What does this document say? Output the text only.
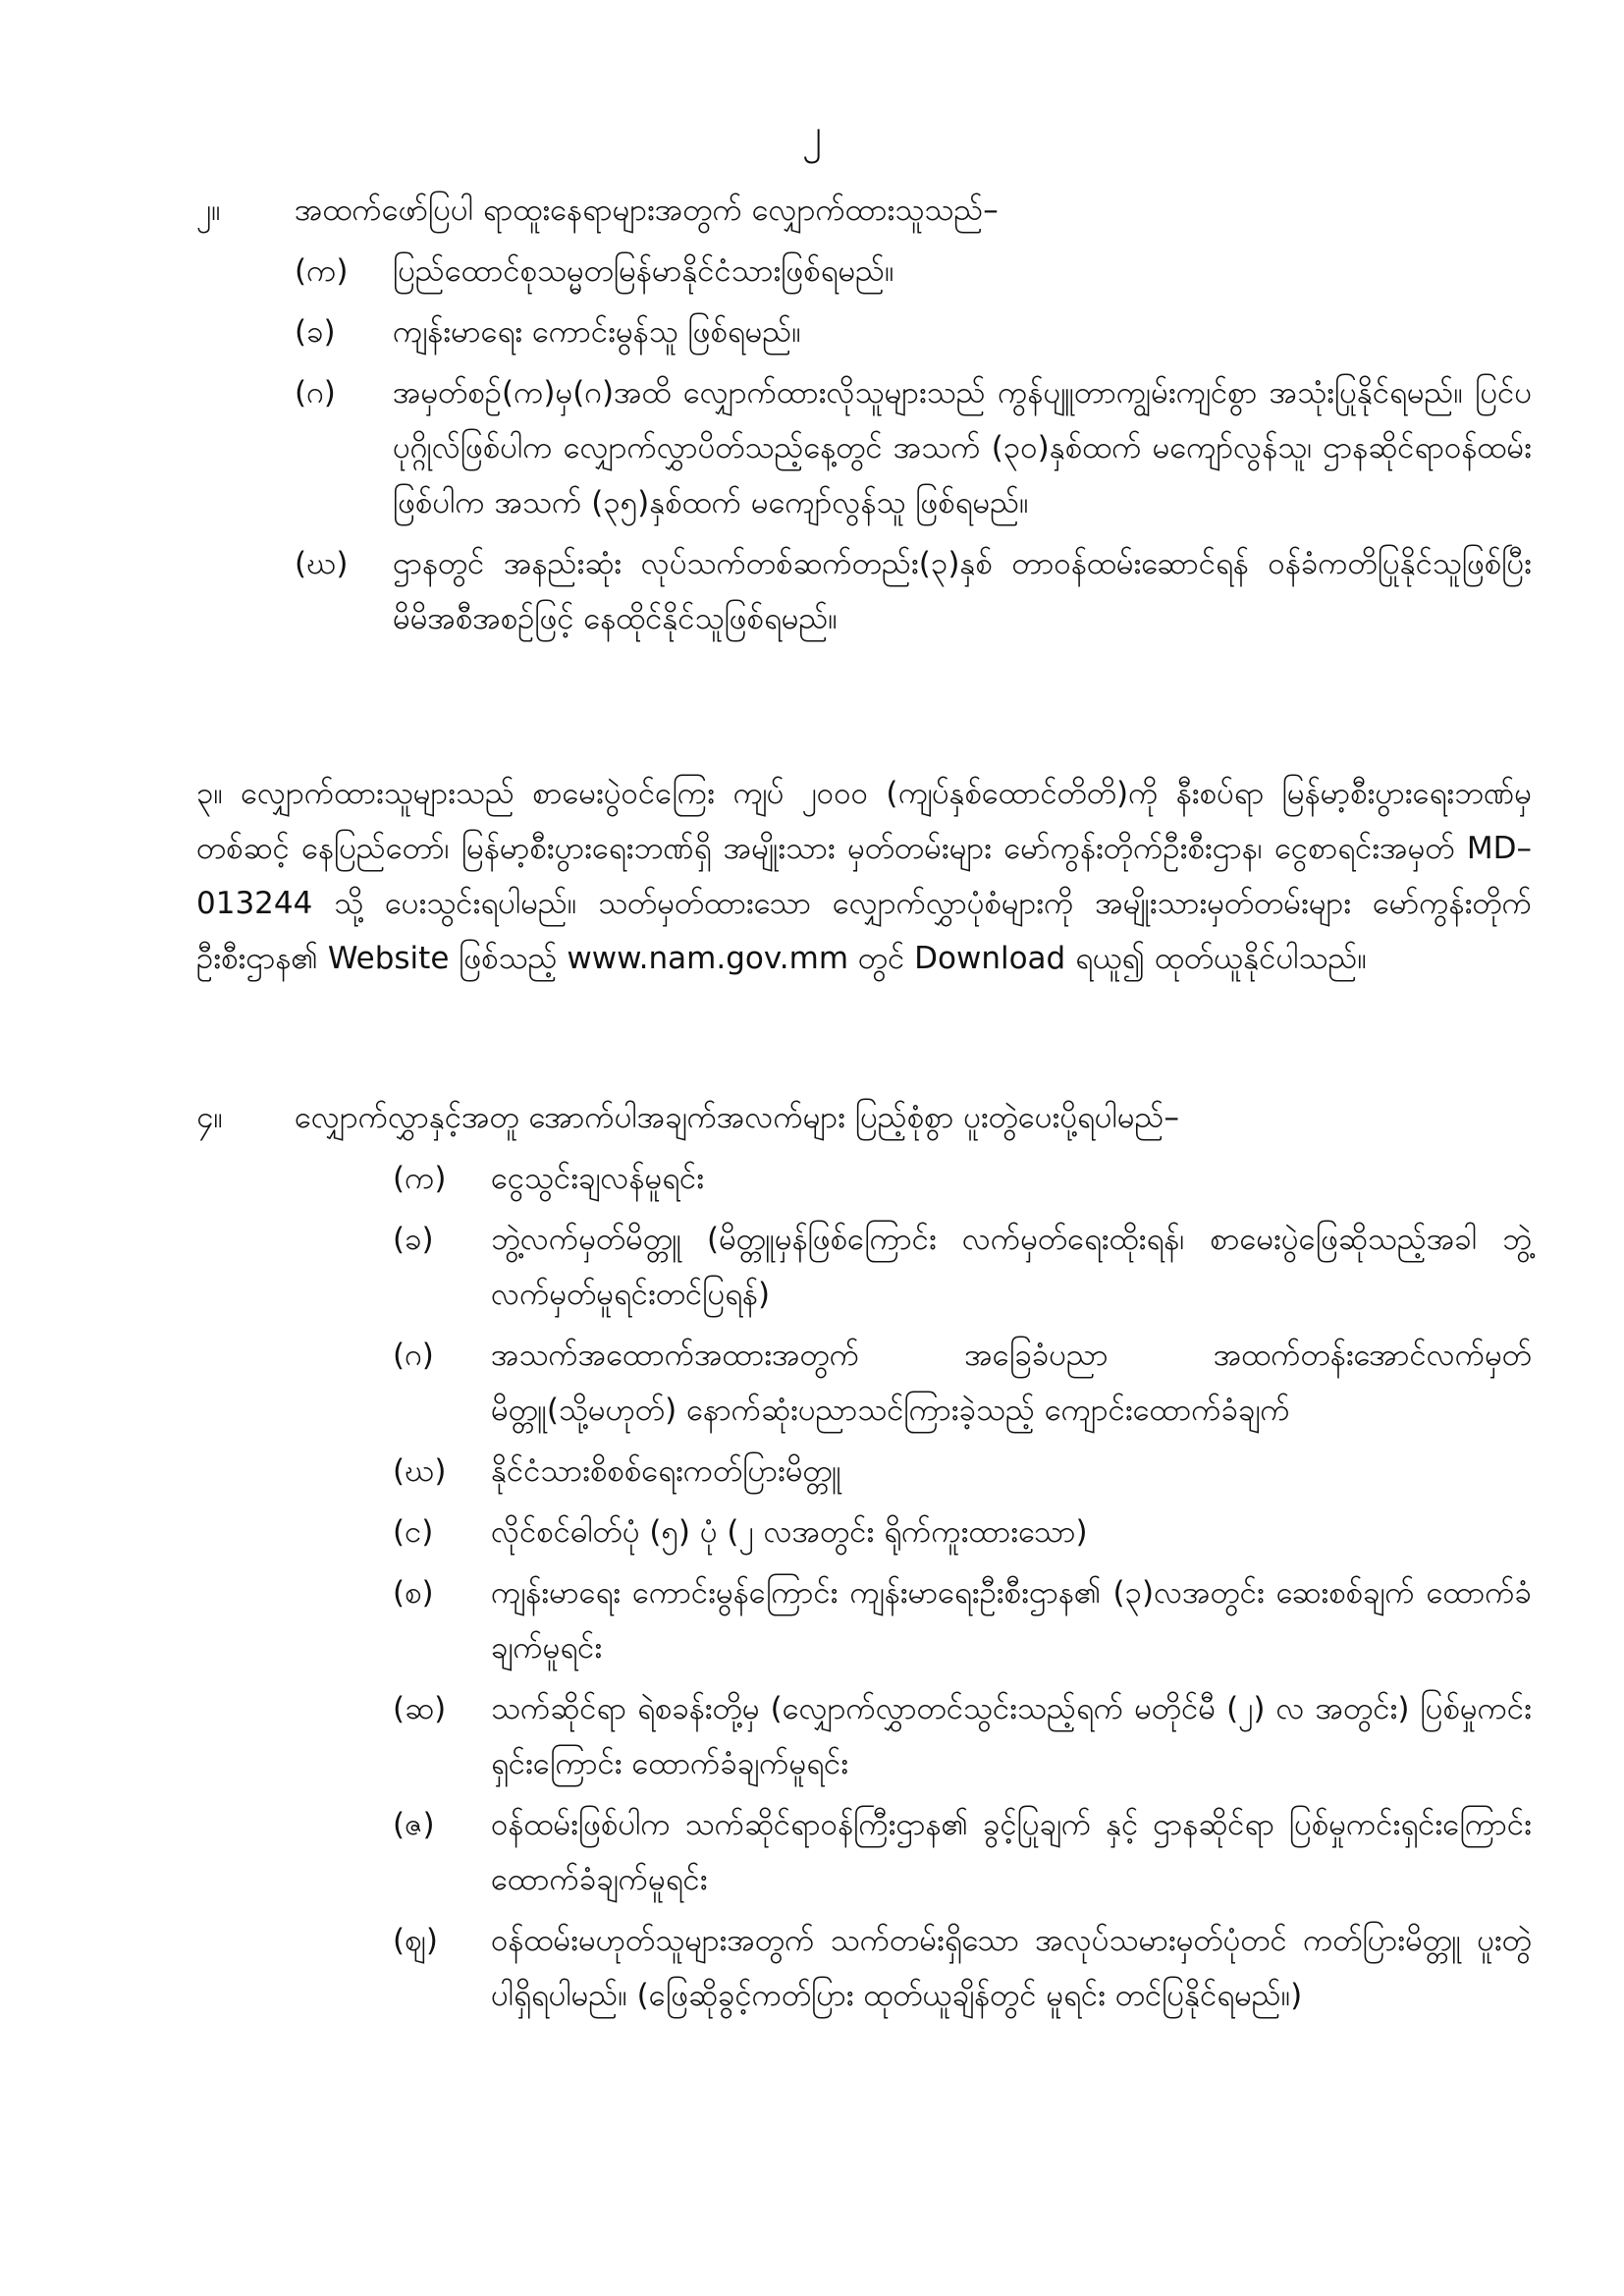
၂
၂။	အထက်ဖော်ပြပါ ရာထူးနေရာများအတွက် လျှောက်ထားသူသည်–
(က)	ပြည်ထောင်စုသမ္မတမြန်မာနိုင်ငံသားဖြစ်ရမည်။
(ခ)	ကျန်းမာရေး ကောင်းမွန်သူ ဖြစ်ရမည်။
(ဂ)	အမှတ်စဉ်(က)မှ(ဂ)အထိ လျှောက်ထားလိုသူများသည် ကွန်ပျူတာကျွမ်းကျင်စွာ အသုံးပြုနိုင်ရမည်။ ပြင်ပပုဂ္ဂိုလ်ဖြစ်ပါက လျှောက်လွှာပိတ်သည့်နေ့တွင် အသက် (၃၀)နှစ်ထက် မကျော်လွန်သူ၊ ဌာနဆိုင်ရာဝန်ထမ်း ဖြစ်ပါက အသက် (၃၅)နှစ်ထက် မကျော်လွန်သူ ဖြစ်ရမည်။
(ဃ)	ဌာနတွင် အနည်းဆုံး လုပ်သက်တစ်ဆက်တည်း(၃)နှစ် တာဝန်ထမ်းဆောင်ရန် ဝန်ခံကတိပြုနိုင်သူဖြစ်ပြီး မိမိအစီအစဉ်ဖြင့် နေထိုင်နိုင်သူဖြစ်ရမည်။
၃။ လျှောက်ထားသူများသည် စာမေးပွဲဝင်ကြေး ကျပ် ၂၀၀၀ (ကျပ်နှစ်ထောင်တိတိ)ကို နီးစပ်ရာ မြန်မာ့စီးပွားရေးဘဏ်မှ တစ်ဆင့် နေပြည်တော်၊ မြန်မာ့စီးပွားရေးဘဏ်ရှိ အမျိုးသား မှတ်တမ်းများ မော်ကွန်းတိုက်ဦးစီးဌာန၊ ငွေစာရင်းအမှတ် MD–013244 သို့ ပေးသွင်းရပါမည်။ သတ်မှတ်ထားသော လျှောက်လွှာပုံစံများကို အမျိုးသားမှတ်တမ်းများ မော်ကွန်းတိုက်ဦးစီးဌာန၏ Website ဖြစ်သည့် www.nam.gov.mm တွင် Download ရယူ၍ ထုတ်ယူနိုင်ပါသည်။
၄။	လျှောက်လွှာနှင့်အတူ အောက်ပါအချက်အလက်များ ပြည့်စုံစွာ ပူးတွဲပေးပို့ရပါမည်–
(က)	ငွေသွင်းချလန်မူရင်း
(ခ)	ဘွဲ့လက်မှတ်မိတ္တူ (မိတ္တူမှန်ဖြစ်ကြောင်း လက်မှတ်ရေးထိုးရန်၊ စာမေးပွဲဖြေဆိုသည့်အခါ ဘွဲ့လက်မှတ်မူရင်းတင်ပြရန်)
(ဂ)	အသက်အထောက်အထားအတွက် အခြေခံပညာ အထက်တန်းအောင်လက်မှတ် မိတ္တူ(သို့မဟုတ်) နောက်ဆုံးပညာသင်ကြားခဲ့သည့် ကျောင်းထောက်ခံချက်
(ဃ)	နိုင်ငံသားစိစစ်ရေးကတ်ပြားမိတ္တူ
(င)	လိုင်စင်ဓါတ်ပုံ (၅) ပုံ (၂ လအတွင်း ရိုက်ကူးထားသော)
(စ)	ကျန်းမာရေး ကောင်းမွန်ကြောင်း ကျန်းမာရေးဦးစီးဌာန၏ (၃)လအတွင်း ဆေးစစ်ချက် ထောက်ခံချက်မူရင်း
(ဆ)	သက်ဆိုင်ရာ ရဲစခန်းတို့မှ (လျှောက်လွှာတင်သွင်းသည့်ရက် မတိုင်မီ (၂) လ အတွင်း) ပြစ်မှုကင်းရှင်းကြောင်း ထောက်ခံချက်မူရင်း
(ဇ)	ဝန်ထမ်းဖြစ်ပါက သက်ဆိုင်ရာဝန်ကြီးဌာန၏ ခွင့်ပြုချက် နှင့် ဌာနဆိုင်ရာ ပြစ်မှုကင်းရှင်းကြောင်း ထောက်ခံချက်မူရင်း
(ဈ)	ဝန်ထမ်းမဟုတ်သူများအတွက် သက်တမ်းရှိသော အလုပ်သမားမှတ်ပုံတင် ကတ်ပြားမိတ္တူ ပူးတွဲပါရှိရပါမည်။ (ဖြေဆိုခွင့်ကတ်ပြား ထုတ်ယူချိန်တွင် မူရင်း တင်ပြနိုင်ရမည်။)
